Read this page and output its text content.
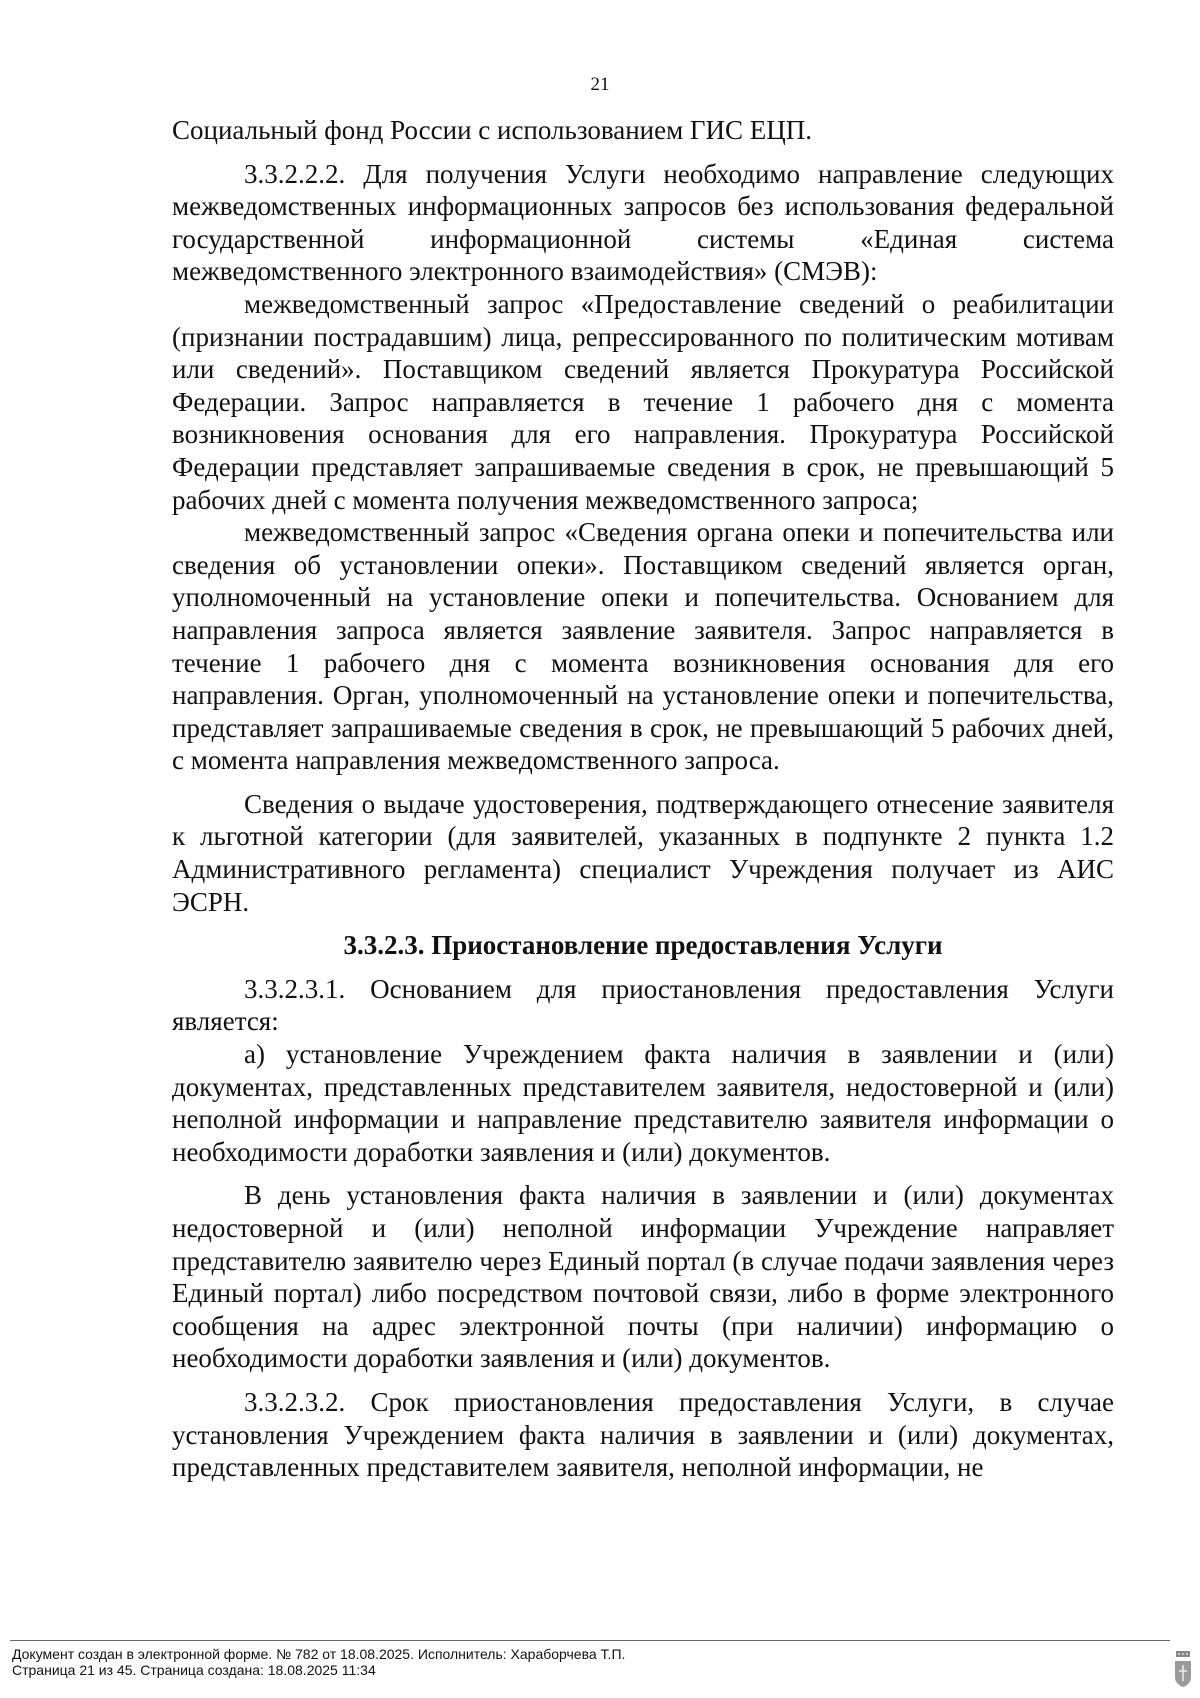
21

Социальный фонд России с использованием ГИС ЕЦП.

3.3.2.2.2. Для получения Услуги необходимо направление следующих межведомственных информационных запросов без использования федеральной государственной информационной системы «Единая система межведомственного электронного взаимодействия» (СМЭВ):

межведомственный запрос «Предоставление сведений о реабилитации (признании пострадавшим) лица, репрессированного по политическим мотивам или сведений». Поставщиком сведений является Прокуратура Российской Федерации. Запрос направляется в течение 1 рабочего дня с момента возникновения основания для его направления. Прокуратура Российской Федерации представляет запрашиваемые сведения в срок, не превышающий 5 рабочих дней с момента получения межведомственного запроса;

межведомственный запрос «Сведения органа опеки и попечительства или сведения об установлении опеки». Поставщиком сведений является орган, уполномоченный на установление опеки и попечительства. Основанием для направления запроса является заявление заявителя. Запрос направляется в течение 1 рабочего дня с момента возникновения основания для его направления. Орган, уполномоченный на установление опеки и попечительства, представляет запрашиваемые сведения в срок, не превышающий 5 рабочих дней, с момента направления межведомственного запроса.

Сведения о выдаче удостоверения, подтверждающего отнесение заявителя к льготной категории (для заявителей, указанных в подпункте 2 пункта 1.2 Административного регламента) специалист Учреждения получает из АИС ЭСРН.

3.3.2.3. Приостановление предоставления Услуги

3.3.2.3.1. Основанием для приостановления предоставления Услуги является:

а) установление Учреждением факта наличия в заявлении и (или) документах, представленных представителем заявителя, недостоверной и (или) неполной информации и направление представителю заявителя информации о необходимости доработки заявления и (или) документов.

В день установления факта наличия в заявлении и (или) документах недостоверной и (или) неполной информации Учреждение направляет представителю заявителю через Единый портал (в случае подачи заявления через Единый портал) либо посредством почтовой связи, либо в форме электронного сообщения на адрес электронной почты (при наличии) информацию о необходимости доработки заявления и (или) документов.

3.3.2.3.2. Срок приостановления предоставления Услуги, в случае установления Учреждением факта наличия в заявлении и (или) документах, представленных представителем заявителя, неполной информации, не

Документ создан в электронной форме. № 782 от 18.08.2025. Исполнитель: Хараборчева Т.П.
Страница 21 из 45. Страница создана: 18.08.2025 11:34
